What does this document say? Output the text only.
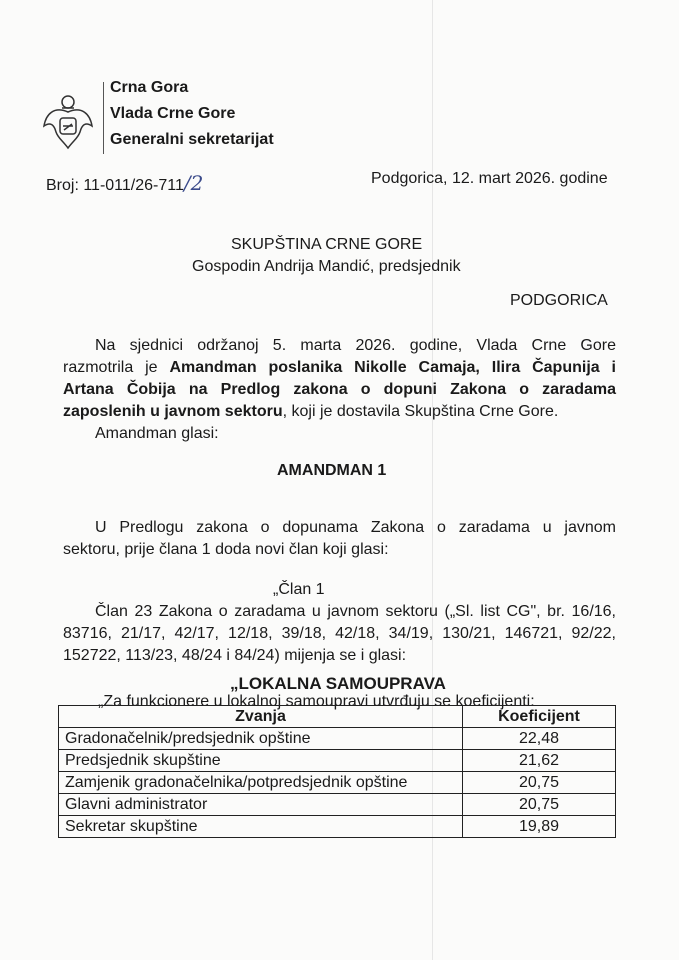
Crna Gora
Vlada Crne Gore
Generalni sekretarijat
Broj: 11-011/26-711/2	Podgorica, 12. mart 2026. godine
SKUPŠTINA CRNE GORE
Gospodin Andrija Mandić, predsjednik
PODGORICA
Na sjednici održanoj 5. marta 2026. godine, Vlada Crne Gore
razmotrila je Amandman poslanika Nikolle Camaja, Ilira Čapunija i
Artana Čobija na Predlog zakona o dopuni Zakona o zaradama
zaposlenih u javnom sektoru, koji je dostavila Skupština Crne Gore.
Amandman glasi:
AMANDMAN 1
U Predlogu zakona o dopunama Zakona o zaradama u javnom
sektoru, prije člana 1 doda novi član koji glasi:
„Član 1
Član 23 Zakona o zaradama u javnom sektoru („Sl. list CG", br. 16/16,
83716, 21/17, 42/17, 12/18, 39/18, 42/18, 34/19, 130/21, 146721, 92/22,
152722, 113/23, 48/24 i 84/24) mijenja se i glasi:
„LOKALNA SAMOUPRAVA
„Za funkcionere u lokalnoj samoupravi utvrđuju se koeficijenti:
Zvanja	Koeficijent
Gradonačelnik/predsjednik opštine	22,48
Predsjednik skupštine	21,62
Zamjenik gradonačelnika/potpredsjednik opštine	20,75
Glavni administrator	20,75
Sekretar skupštine	19,89
